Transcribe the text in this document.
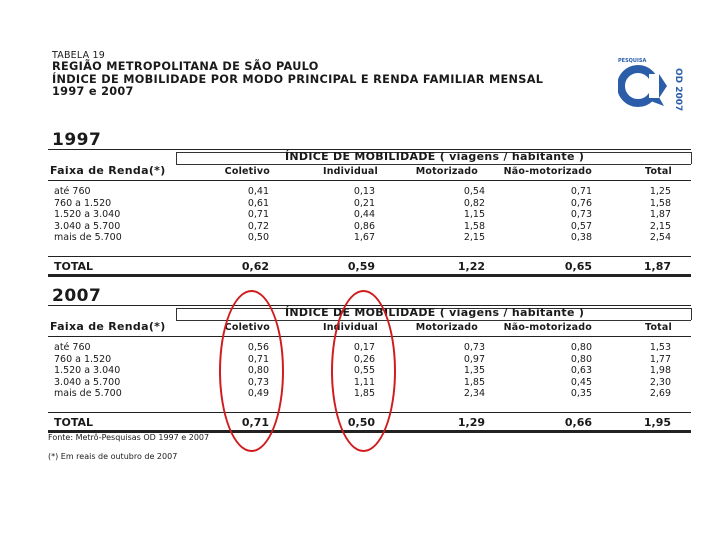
TABELA 19
REGIÃO METROPOLITANA DE SÃO PAULO
ÍNDICE DE MOBILIDADE POR MODO PRINCIPAL E RENDA FAMILIAR MENSAL
1997 e 2007
PESQUISA
OD 2007
1997
ÍNDICE DE MOBILIDADE ( viagens / habitante )
Faixa de Renda(*)	Coletivo	Individual	Motorizado	Não-motorizado	Total
até 760	0,41	0,13	0,54	0,71	1,25
760 a 1.520	0,61	0,21	0,82	0,76	1,58
1.520 a 3.040	0,71	0,44	1,15	0,73	1,87
3.040 a 5.700	0,72	0,86	1,58	0,57	2,15
mais de 5.700	0,50	1,67	2,15	0,38	2,54
TOTAL	0,62	0,59	1,22	0,65	1,87
2007
ÍNDICE DE MOBILIDADE ( viagens / habitante )
Faixa de Renda(*)	Coletivo	Individual	Motorizado	Não-motorizado	Total
até 760	0,56	0,17	0,73	0,80	1,53
760 a 1.520	0,71	0,26	0,97	0,80	1,77
1.520 a 3.040	0,80	0,55	1,35	0,63	1,98
3.040 a 5.700	0,73	1,11	1,85	0,45	2,30
mais de 5.700	0,49	1,85	2,34	0,35	2,69
TOTAL	0,71	0,50	1,29	0,66	1,95
Fonte: Metrô-Pesquisas OD 1997 e 2007
(*) Em reais de outubro de 2007
